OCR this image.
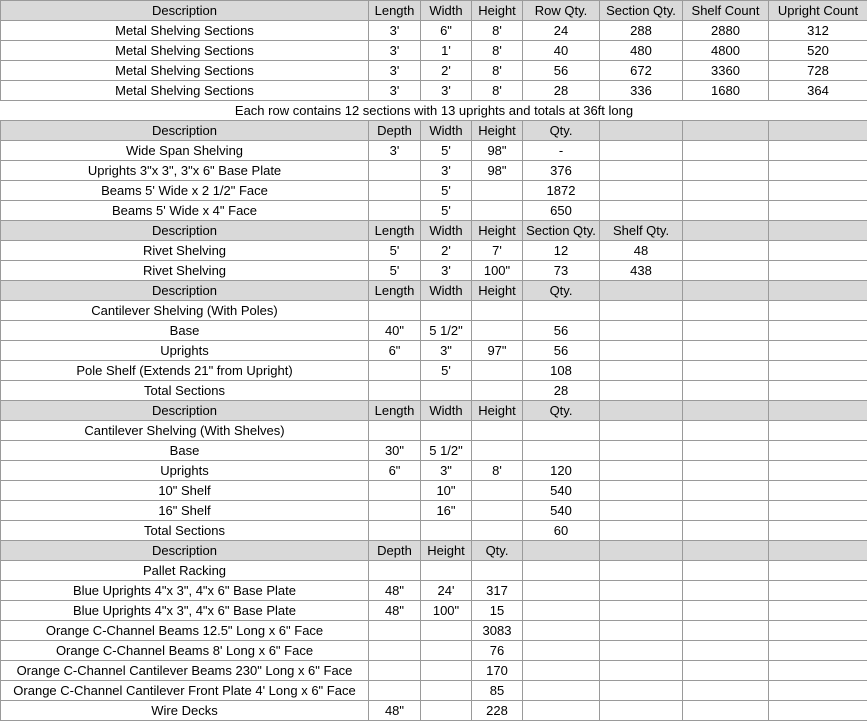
Description	Length	Width	Height	Row Qty.	Section Qty.	Shelf Count	Upright Count
Metal Shelving Sections	3'	6"	8'	24	288	2880	312
Metal Shelving Sections	3'	1'	8'	40	480	4800	520
Metal Shelving Sections	3'	2'	8'	56	672	3360	728
Metal Shelving Sections	3'	3'	8'	28	336	1680	364
Each row contains 12 sections with 13 uprights and totals at 36ft long							
Description	Depth	Width	Height	Qty.			
Wide Span Shelving	3'	5'	98"	-			
Uprights 3"x 3", 3"x 6" Base Plate		3'	98"	376			
Beams 5' Wide x 2 1/2" Face		5'		1872			
Beams 5' Wide x 4" Face		5'		650			
Description	Length	Width	Height	Section Qty.	Shelf Qty.		
Rivet Shelving	5'	2'	7'	12	48		
Rivet Shelving	5'	3'	100"	73	438		
Description	Length	Width	Height	Qty.			
Cantilever Shelving (With Poles)							
Base	40"	5 1/2"		56			
Uprights	6"	3"	97"	56			
Pole Shelf (Extends 21" from Upright)		5'		108			
Total Sections				28			
Description	Length	Width	Height	Qty.			
Cantilever Shelving (With Shelves)							
Base	30"	5 1/2"					
Uprights	6"	3"	8'	120			
10" Shelf		10"		540			
16" Shelf		16"		540			
Total Sections				60			
Description	Depth	Height	Qty.				
Pallet Racking							
Blue Uprights 4"x 3", 4"x 6" Base Plate	48"	24'	317				
Blue Uprights 4"x 3", 4"x 6" Base Plate	48"	100"	15				
Orange C-Channel Beams 12.5" Long x 6" Face			3083				
Orange C-Channel Beams 8' Long x 6" Face			76				
Orange C-Channel Cantilever Beams 230" Long x 6" Face			170				
Orange C-Channel Cantilever Front Plate 4' Long x 6" Face			85				
Wire Decks	48"		228				
